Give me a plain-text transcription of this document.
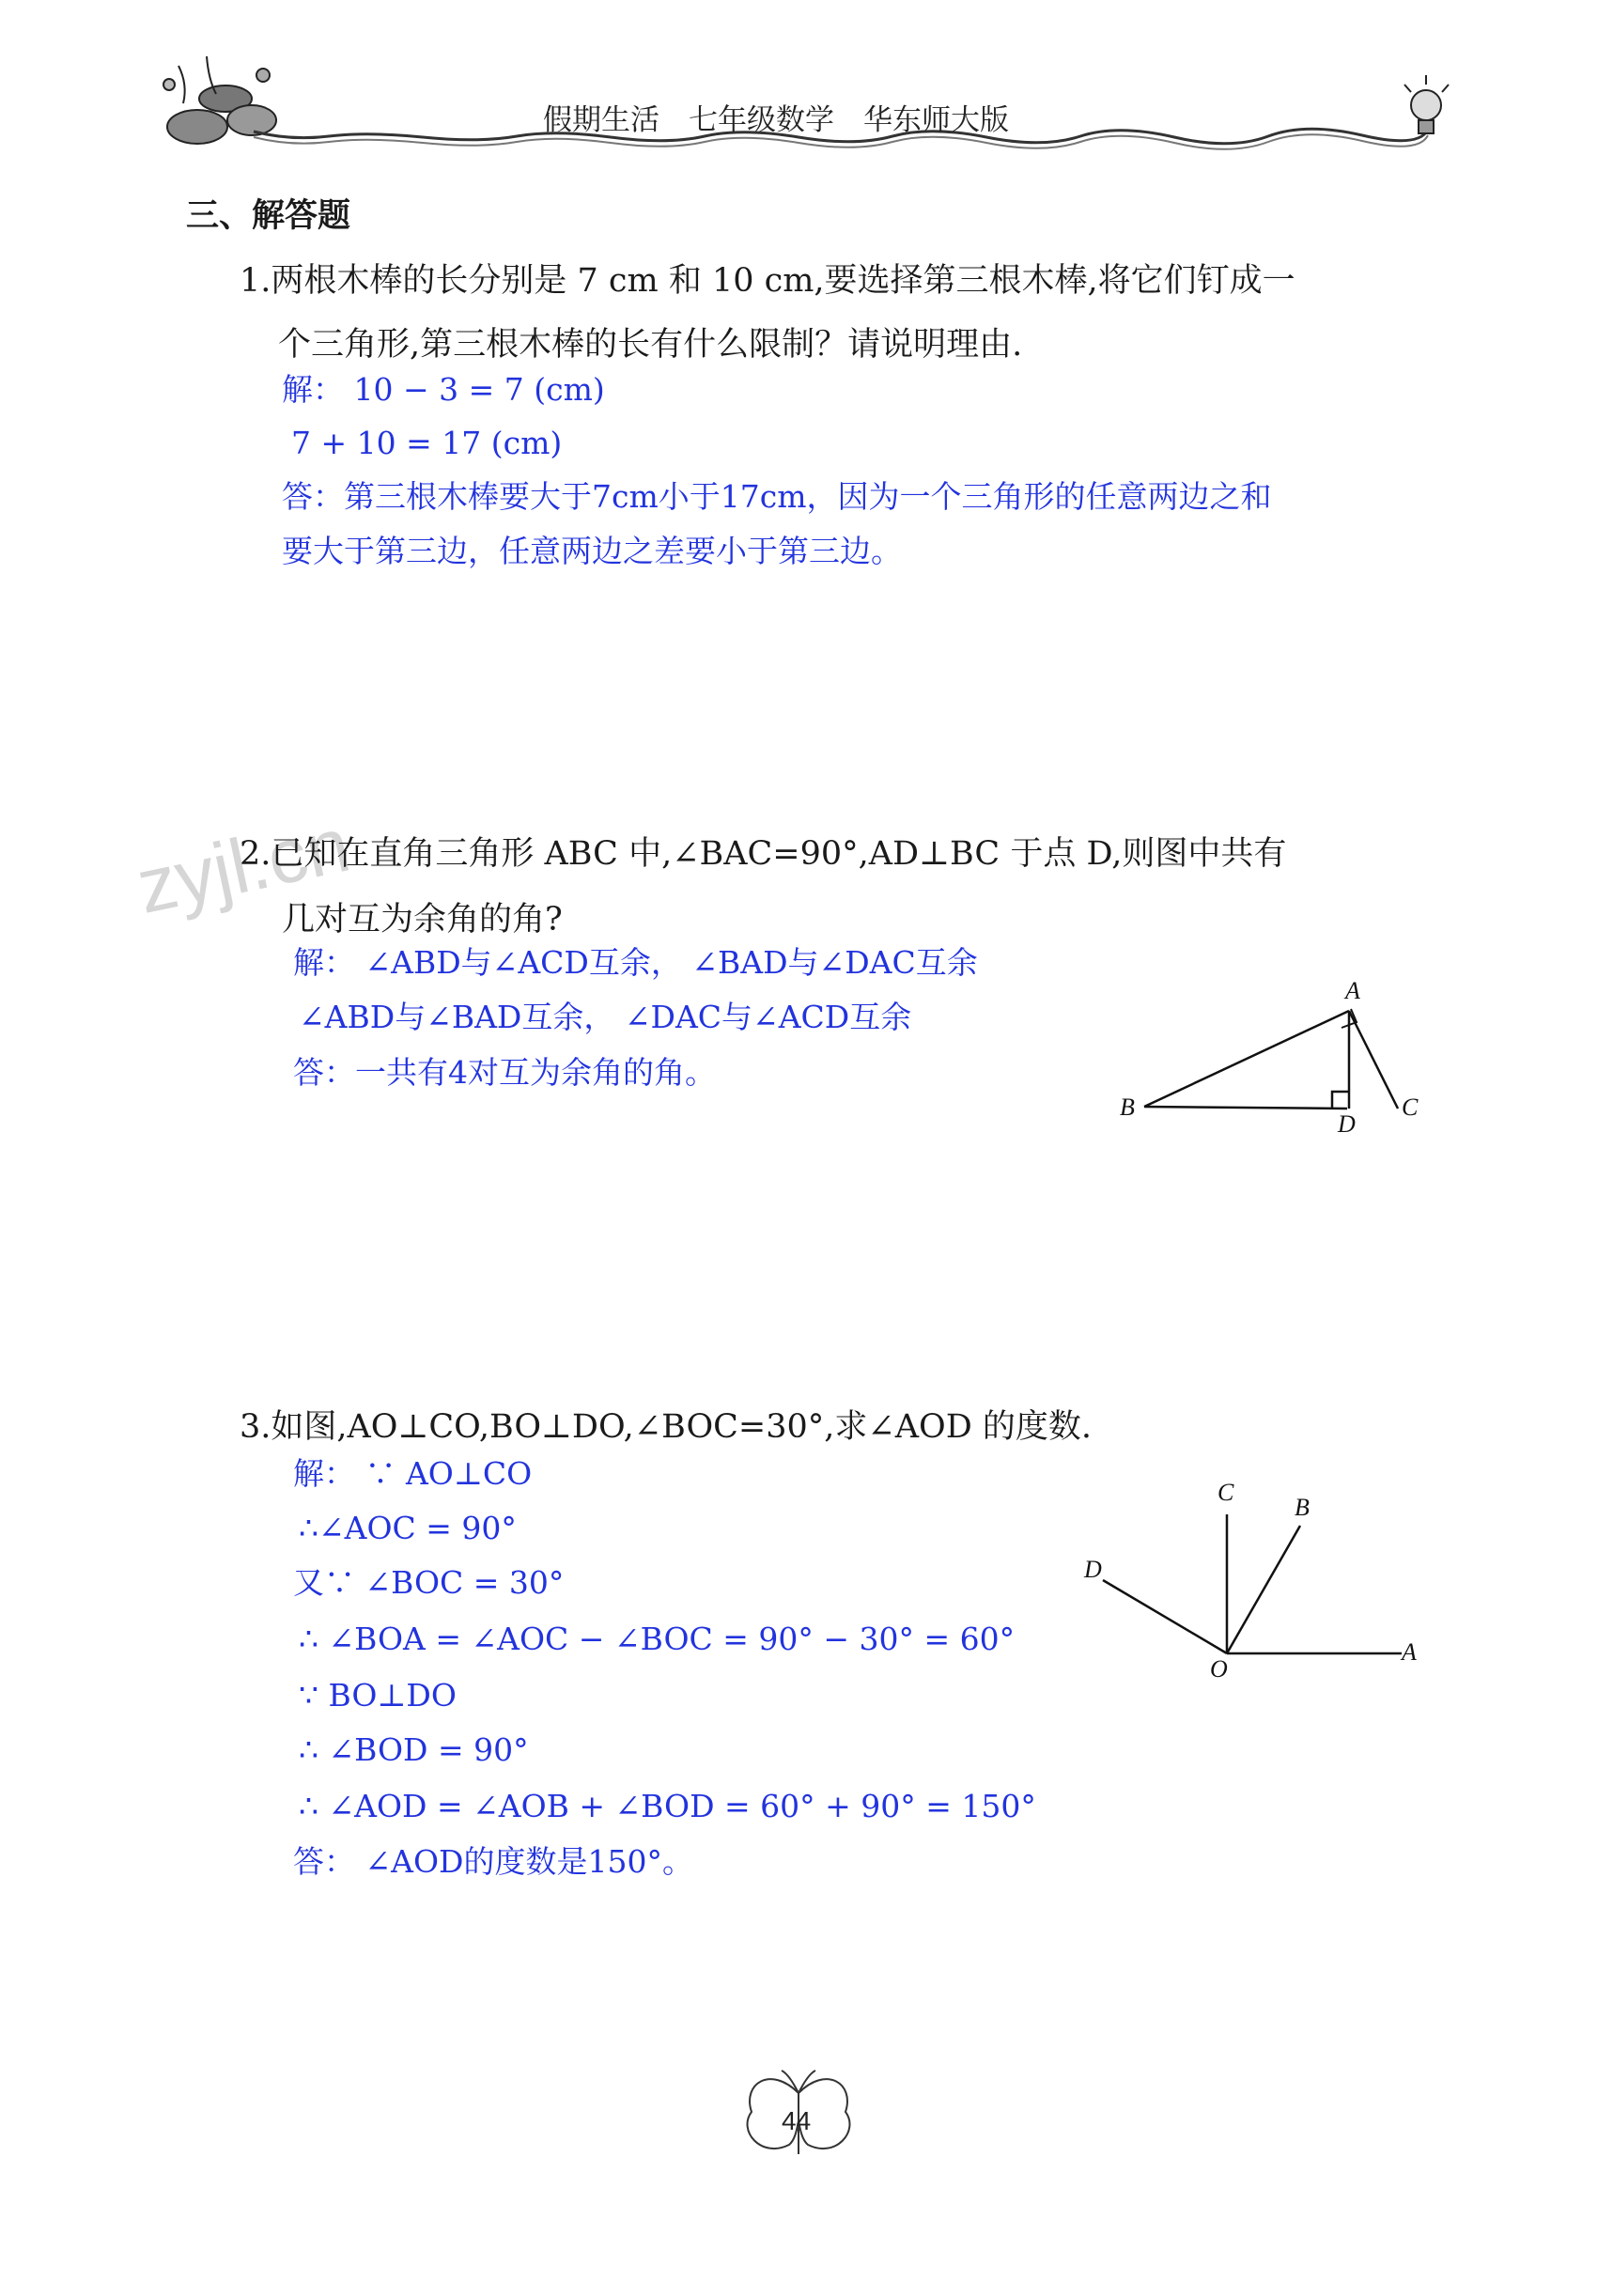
假期生活　七年级数学　华东师大版
zyjl.cn
三、解答题
1.两根木棒的长分别是 7 cm 和 10 cm,要选择第三根木棒,将它们钉成一
个三角形,第三根木棒的长有什么限制？请说明理由.
解： 10 − 3 = 7 (cm)
7 + 10 = 17 (cm)
答：第三根木棒要大于7cm小于17cm，因为一个三角形的任意两边之和
要大于第三边，任意两边之差要小于第三边。
2.已知在直角三角形 ABC 中,∠BAC=90°,AD⊥BC 于点 D,则图中共有
几对互为余角的角?
解： ∠ABD与∠ACD互余， ∠BAD与∠DAC互余
∠ABD与∠BAD互余， ∠DAC与∠ACD互余
答：一共有4对互为余角的角。
A
B	C
D
3.如图,AO⊥CO,BO⊥DO,∠BOC=30°,求∠AOD 的度数.
解： ∵ AO⊥CO
∴∠AOC = 90°
又∵ ∠BOC = 30°
∴ ∠BOA = ∠AOC − ∠BOC = 90° − 30° = 60°
∵ BO⊥DO
∴ ∠BOD = 90°
∴ ∠AOD = ∠AOB + ∠BOD = 60° + 90° = 150°
答： ∠AOD的度数是150°。
C
B
D
O
A
44
